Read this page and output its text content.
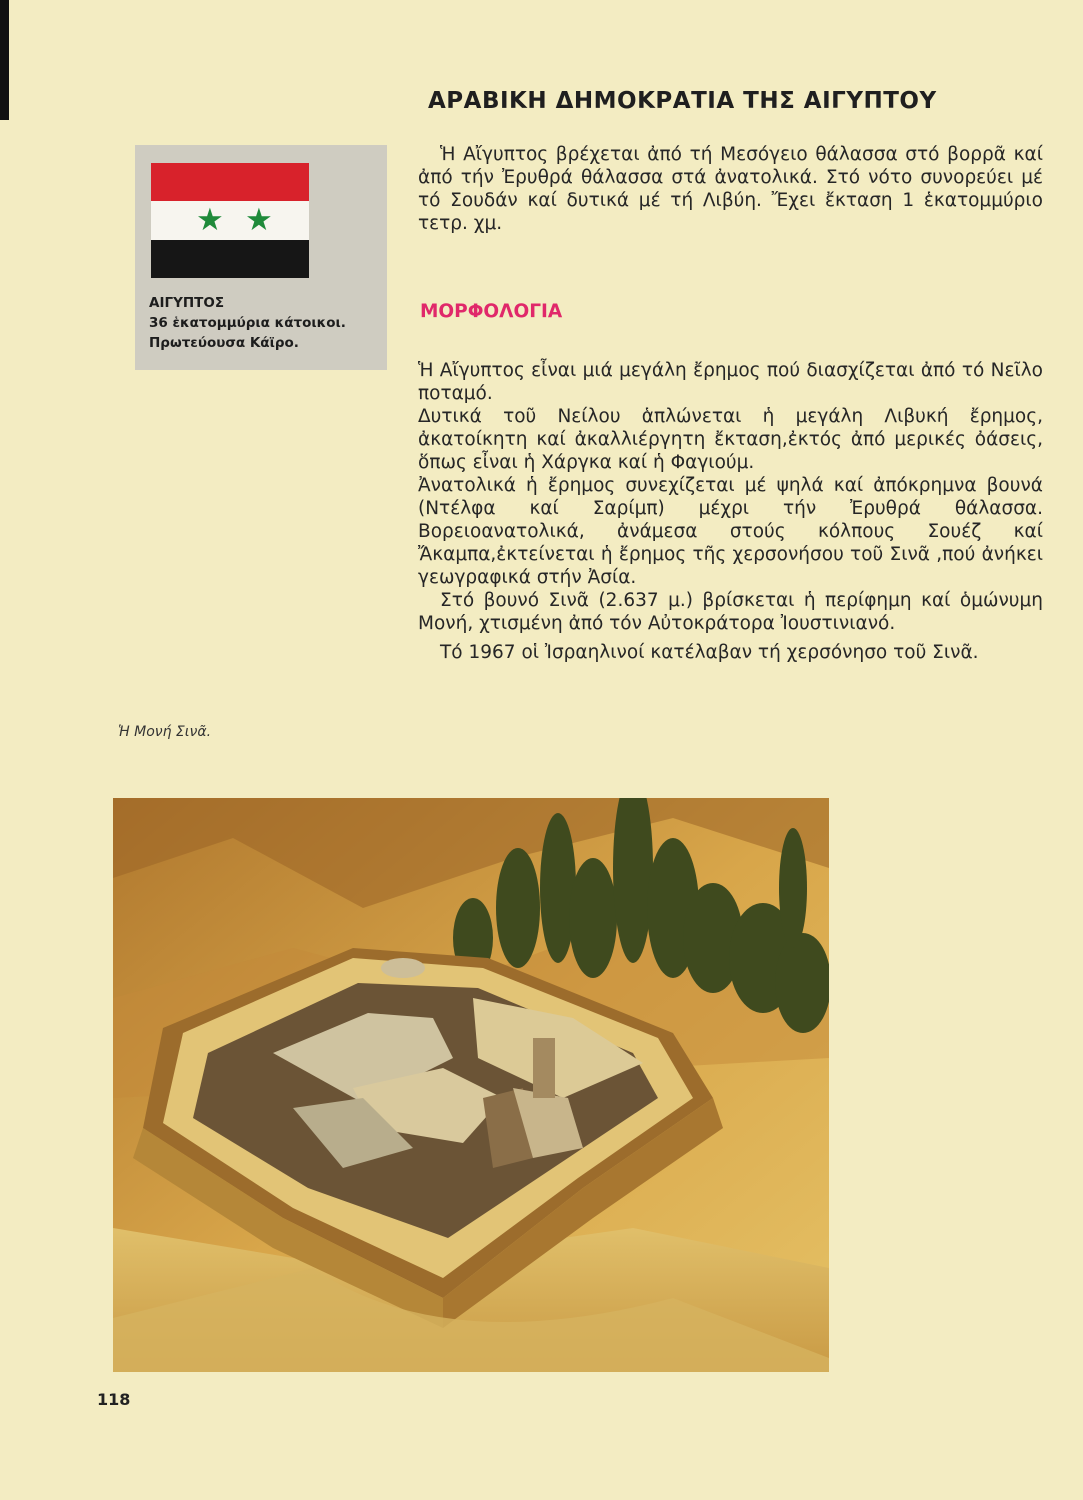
ΑΡΑΒΙΚΗ ΔΗΜΟΚΡΑΤΙΑ ΤΗΣ ΑΙΓΥΠΤΟΥ
★ ★
ΑΙΓΥΠΤΟΣ
36 ἑκατομμύρια κάτοικοι.
Πρωτεύουσα Κάϊρο.

Ἡ Αἴγυπτος βρέχεται ἀπό τή Μεσόγειο θάλασσα στό βορρᾶ καί ἀπό τήν Ἐρυθρά θάλασσα στά ἀνατολικά. Στό νότο συνορεύει μέ τό Σουδάν καί δυτικά μέ τή Λιβύη. Ἔχει ἔκταση 1 ἑκατομμύριο τετρ. χμ.

ΜΟΡΦΟΛΟΓΙΑ

Ἡ Αἴγυπτος εἶναι μιά μεγάλη ἔρημος πού διασχίζεται ἀπό τό Νεῖλο ποταμό.

Δυτικά τοῦ Νείλου ἁπλώνεται ἡ μεγάλη Λιβυκή ἔρημος, ἀκατοίκητη καί ἀκαλλιέργητη ἔκταση,ἐκτός ἀπό μερικές ὀάσεις, ὅπως εἶναι ἡ Χάργκα καί ἡ Φαγιούμ.

Ἀνατολικά ἡ ἔρημος συνεχίζεται μέ ψηλά καί ἀπόκρημνα βουνά (Ντέλφα καί Σαρίμπ) μέχρι τήν Ἐρυθρά θάλασσα. Βορειοανατολικά, ἀνάμεσα στούς κόλπους Σουέζ καί Ἄκαμπα,ἐκτείνεται ἡ ἔρημος τῆς χερσονήσου τοῦ Σινᾶ ,πού ἀνήκει γεωγραφικά στήν Ἀσία.

Στό βουνό Σινᾶ (2.637 μ.) βρίσκεται ἡ περίφημη καί ὁμώνυμη Μονή, χτισμένη ἀπό τόν Αὐτοκράτορα Ἰουστινιανό.

Τό 1967 οἱ Ἰσραηλινοί κατέλαβαν τή χερσόνησο τοῦ Σινᾶ.

Ἡ Μονή Σινᾶ.
118
